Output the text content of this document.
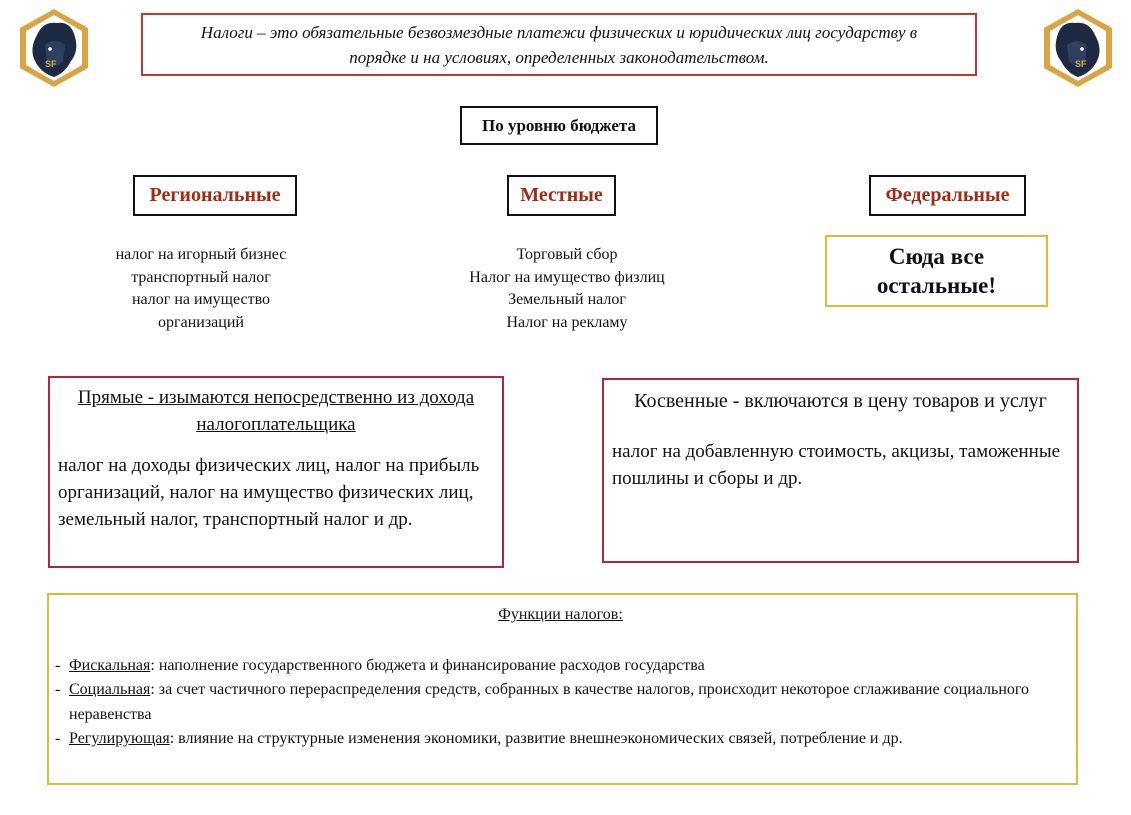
SF	SF
Налоги – это обязательные безвозмездные платежи физических и юридических лиц государству в порядке и на условиях, определенных законодательством.
По уровню бюджета
Региональные	Местные	Федеральные
налог на игорный бизнес
транспортный налог
налог на имущество
организаций
Торговый сбор
Налог на имущество физлиц
Земельный налог
Налог на рекламу
Сюда все остальные!
Прямые - изымаются непосредственно из дохода налогоплательщика
налог на доходы физических лиц, налог на прибыль организаций, налог на имущество физических лиц, земельный налог, транспортный налог и др.
Косвенные - включаются в цену товаров и услуг
налог на добавленную стоимость, акцизы, таможенные пошлины и сборы и др.
Функции налогов:
- Фискальная: наполнение государственного бюджета и финансирование расходов государства
- Социальная: за счет частичного перераспределения средств, собранных в качестве налогов, происходит некоторое сглаживание социального неравенства
- Регулирующая: влияние на структурные изменения экономики, развитие внешнеэкономических связей, потребление и др.
